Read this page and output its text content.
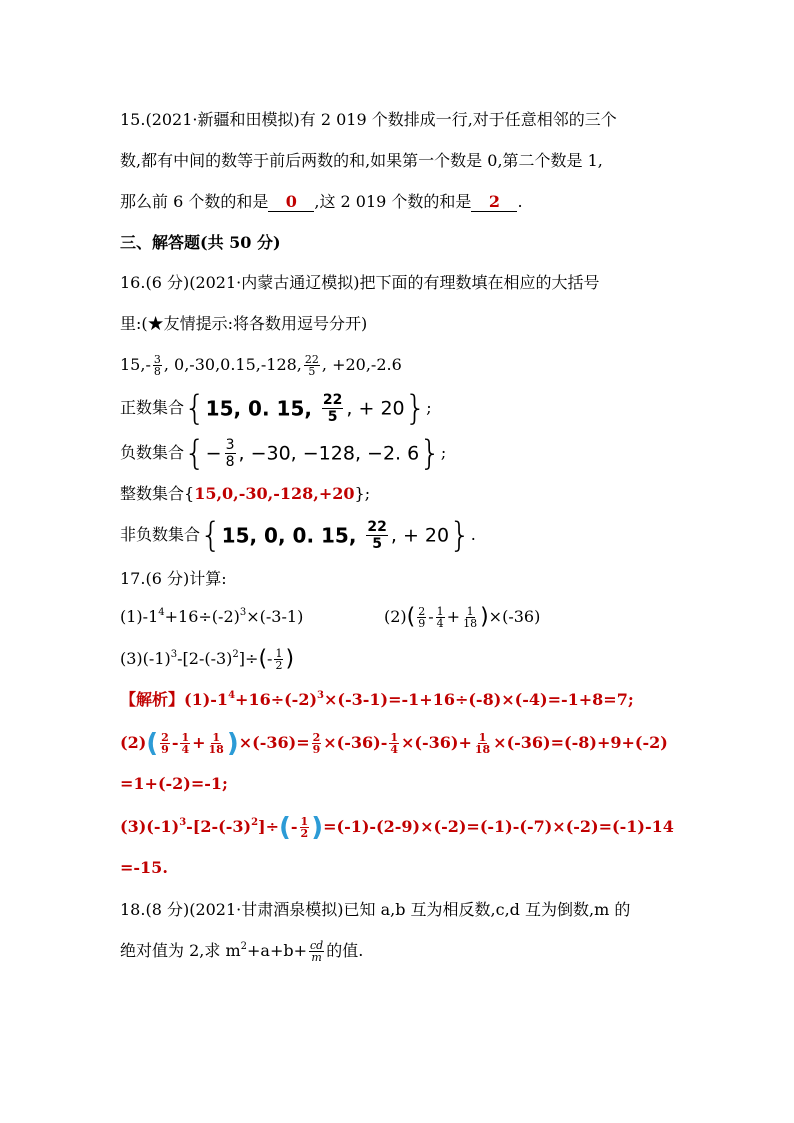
15.(2021·新疆和田模拟)有 2 019 个数排成一行,对于任意相邻的三个
数,都有中间的数等于前后两数的和,如果第一个数是 0,第二个数是 1,
那么前 6 个数的和是 0 ,这 2 019 个数的和是 2 .
三、解答题(共 50 分)
16.(6 分)(2021·内蒙古通辽模拟)把下面的有理数填在相应的大括号
里:(★友情提示:将各数用逗号分开)
$15,- \frac{3}{8}$ , 0,-30,0.15,-128, $\frac{22}{5}$ , +20,-2.6
正数集合{15, 0. 15, $\frac{22}{5}$ , + 20};
负数集合{− $\frac{3}{8}$ , −30, −128, −2. 6};
整数集合{15,0,-30,-128,+20};
非负数集合{15, 0, 0. 15, $\frac{22}{5}$ , + 20}.
17.(6 分)计算:
$(1)-1^4+16\div(-2)^3\times(-3-1)$	$(2)( \frac{2}{9} - \frac{1}{4} + \frac{1}{18} )\times(-36)$
$(3)(-1)^3-[2-(-3)^2]\div(- \frac{1}{2}$ )
【解析】$(1)-1^4+16\div(-2)^3\times(-3-1)=-1+16\div(-8)\times(-4)=-1+8=7$;
$(2)( \frac{2}{9} - \frac{1}{4} + \frac{1}{18} )\times(-36)= \frac{2}{9} \times(-36)- \frac{1}{4} \times(-36)+ \frac{1}{18} \times(-36)=(-8)+9+(-2)$
=1+(-2)=-1;
$(3)(-1)^3-[2-(-3)^2]\div(- \frac{1}{2} )=(-1)-(2-9)\times(-2)=(-1)-(-7)\times(-2)=(-1)-14$
=-15.
18.(8 分)(2021·甘肃酒泉模拟)已知 a,b 互为相反数,c,d 互为倒数,m 的
绝对值为 2,求 $m^2+a+b+ \frac{cd}{m}$ 的值.
